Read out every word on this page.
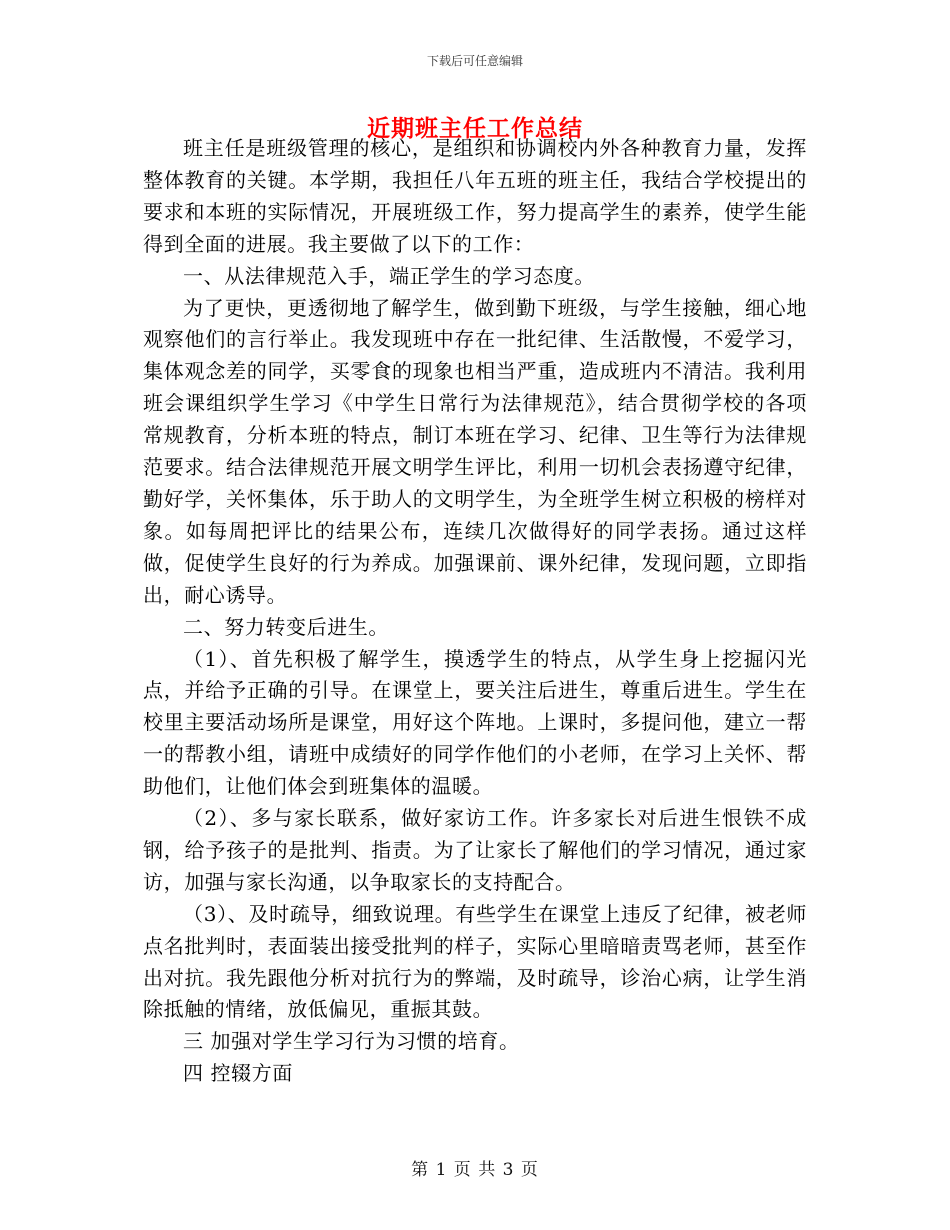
下载后可任意编辑
近期班主任工作总结

班主任是班级管理的核心，是组织和协调校内外各种教育力量，发挥整体教育的关键。本学期，我担任八年五班的班主任，我结合学校提出的要求和本班的实际情况，开展班级工作，努力提高学生的素养，使学生能得到全面的进展。我主要做了以下的工作：

一、从法律规范入手，端正学生的学习态度。

为了更快，更透彻地了解学生，做到勤下班级，与学生接触，细心地观察他们的言行举止。我发现班中存在一批纪律、生活散慢，不爱学习，集体观念差的同学，买零食的现象也相当严重，造成班内不清洁。我利用班会课组织学生学习《中学生日常行为法律规范》，结合贯彻学校的各项常规教育，分析本班的特点，制订本班在学习、纪律、卫生等行为法律规范要求。结合法律规范开展文明学生评比，利用一切机会表扬遵守纪律，勤好学，关怀集体，乐于助人的文明学生，为全班学生树立积极的榜样对象。如每周把评比的结果公布，连续几次做得好的同学表扬。通过这样做，促使学生良好的行为养成。加强课前、课外纪律，发现问题，立即指出，耐心诱导。

二、努力转变后进生。

（1）、首先积极了解学生，摸透学生的特点，从学生身上挖掘闪光点，并给予正确的引导。在课堂上，要关注后进生，尊重后进生。学生在校里主要活动场所是课堂，用好这个阵地。上课时，多提问他，建立一帮一的帮教小组，请班中成绩好的同学作他们的小老师，在学习上关怀、帮助他们，让他们体会到班集体的温暖。

（2）、多与家长联系，做好家访工作。许多家长对后进生恨铁不成钢，给予孩子的是批判、指责。为了让家长了解他们的学习情况，通过家访，加强与家长沟通，以争取家长的支持配合。

（3）、及时疏导，细致说理。有些学生在课堂上违反了纪律，被老师点名批判时，表面装出接受批判的样子，实际心里暗暗责骂老师，甚至作出对抗。我先跟他分析对抗行为的弊端，及时疏导，诊治心病，让学生消除抵触的情绪，放低偏见，重振其鼓。

三 加强对学生学习行为习惯的培育。

四 控辍方面

第 1 页 共 3 页
